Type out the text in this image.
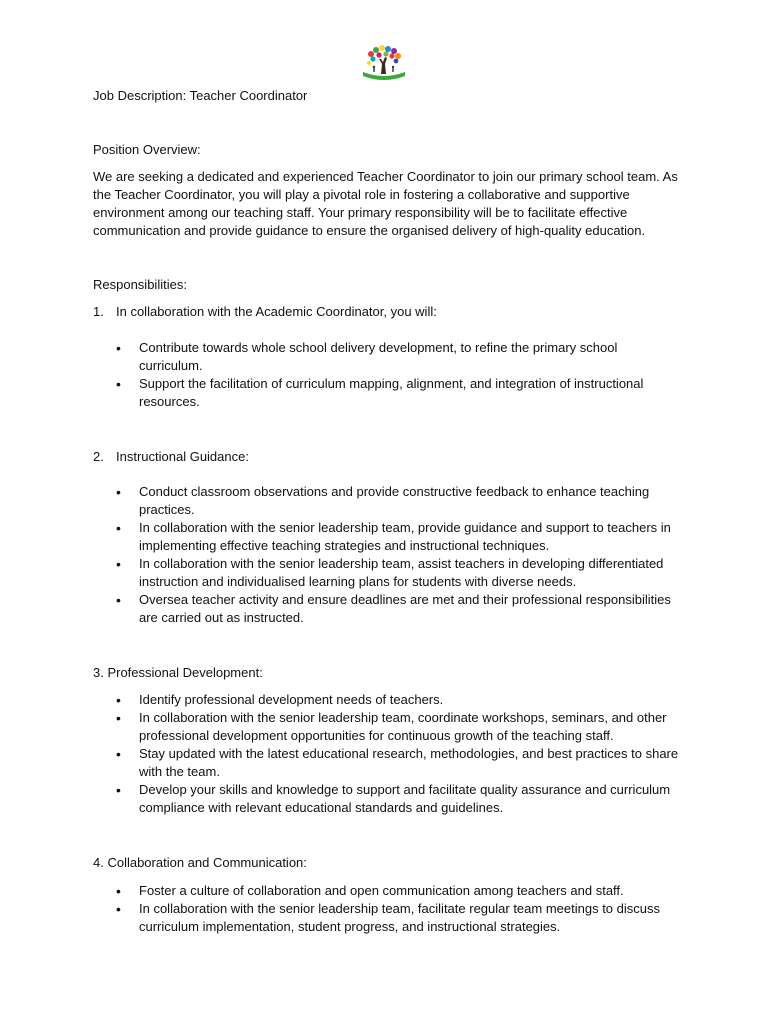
Job Description: Teacher Coordinator

Position Overview:

We are seeking a dedicated and experienced Teacher Coordinator to join our primary school team. As the Teacher Coordinator, you will play a pivotal role in fostering a collaborative and supportive environment among our teaching staff. Your primary responsibility will be to facilitate effective communication and provide guidance to ensure the organised delivery of high-quality education.

Responsibilities:

1. In collaboration with the Academic Coordinator, you will:

• Contribute towards whole school delivery development, to refine the primary school curriculum.
• Support the facilitation of curriculum mapping, alignment, and integration of instructional resources.

2. Instructional Guidance:

• Conduct classroom observations and provide constructive feedback to enhance teaching practices.
• In collaboration with the senior leadership team, provide guidance and support to teachers in implementing effective teaching strategies and instructional techniques.
• In collaboration with the senior leadership team, assist teachers in developing differentiated instruction and individualised learning plans for students with diverse needs.
• Oversea teacher activity and ensure deadlines are met and their professional responsibilities are carried out as instructed.

3. Professional Development:

• Identify professional development needs of teachers.
• In collaboration with the senior leadership team, coordinate workshops, seminars, and other professional development opportunities for continuous growth of the teaching staff.
• Stay updated with the latest educational research, methodologies, and best practices to share with the team.
• Develop your skills and knowledge to support and facilitate quality assurance and curriculum compliance with relevant educational standards and guidelines.

4. Collaboration and Communication:

• Foster a culture of collaboration and open communication among teachers and staff.
• In collaboration with the senior leadership team, facilitate regular team meetings to discuss curriculum implementation, student progress, and instructional strategies.
